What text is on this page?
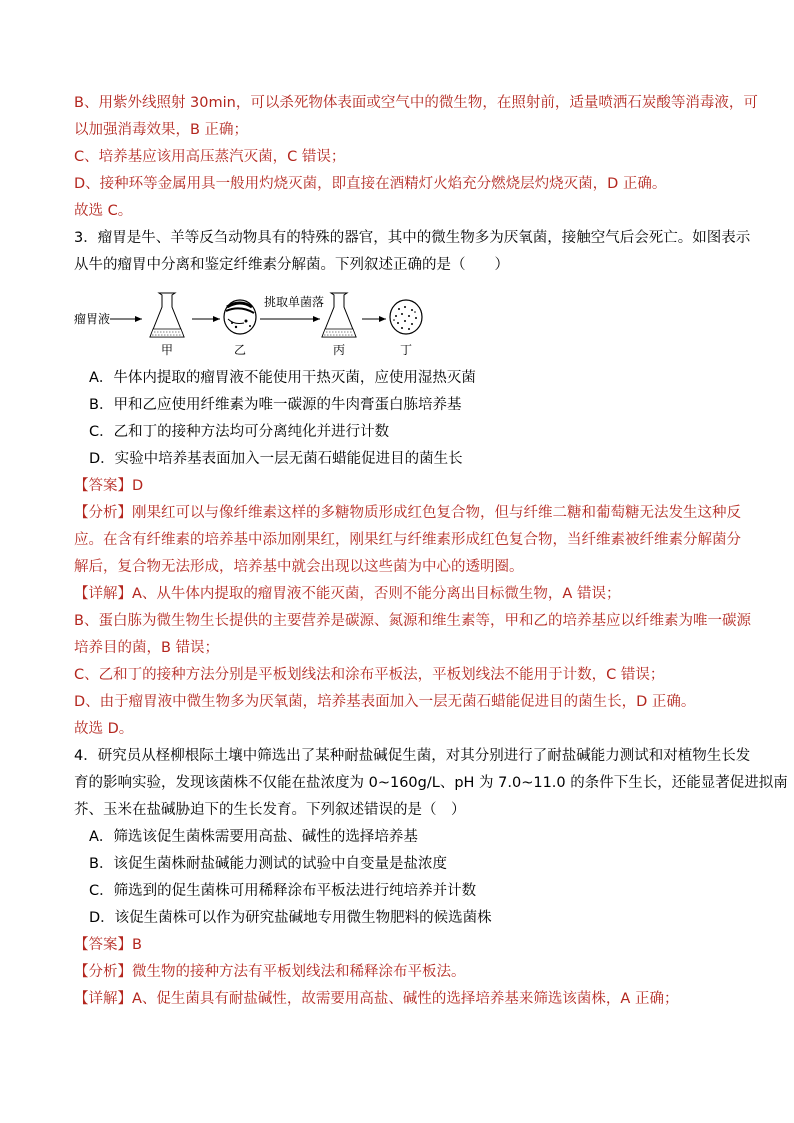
B、用紫外线照射 30min，可以杀死物体表面或空气中的微生物，在照射前，适量喷洒石炭酸等消毒液，可
以加强消毒效果，B 正确；
C、培养基应该用高压蒸汽灭菌，C 错误；
D、接种环等金属用具一般用灼烧灭菌，即直接在酒精灯火焰充分燃烧层灼烧灭菌，D 正确。
故选 C。
3．瘤胃是牛、羊等反刍动物具有的特殊的器官，其中的微生物多为厌氧菌，接触空气后会死亡。如图表示
从牛的瘤胃中分离和鉴定纤维素分解菌。下列叙述正确的是（　　）
瘤胃液
挑取单菌落
甲	乙	丙	丁
A．牛体内提取的瘤胃液不能使用干热灭菌，应使用湿热灭菌
B．甲和乙应使用纤维素为唯一碳源的牛肉膏蛋白胨培养基
C．乙和丁的接种方法均可分离纯化并进行计数
D．实验中培养基表面加入一层无菌石蜡能促进目的菌生长
【答案】D
【分析】刚果红可以与像纤维素这样的多糖物质形成红色复合物，但与纤维二糖和葡萄糖无法发生这种反
应。在含有纤维素的培养基中添加刚果红，刚果红与纤维素形成红色复合物，当纤维素被纤维素分解菌分
解后，复合物无法形成，培养基中就会出现以这些菌为中心的透明圈。
【详解】A、从牛体内提取的瘤胃液不能灭菌，否则不能分离出目标微生物，A 错误；
B、蛋白胨为微生物生长提供的主要营养是碳源、氮源和维生素等，甲和乙的培养基应以纤维素为唯一碳源
培养目的菌，B 错误；
C、乙和丁的接种方法分别是平板划线法和涂布平板法，平板划线法不能用于计数，C 错误；
D、由于瘤胃液中微生物多为厌氧菌，培养基表面加入一层无菌石蜡能促进目的菌生长，D 正确。
故选 D。
4．研究员从柽柳根际土壤中筛选出了某种耐盐碱促生菌，对其分别进行了耐盐碱能力测试和对植物生长发
育的影响实验，发现该菌株不仅能在盐浓度为 0~160g/L、pH 为 7.0~11.0 的条件下生长，还能显著促进拟南
芥、玉米在盐碱胁迫下的生长发育。下列叙述错误的是（　）
A．筛选该促生菌株需要用高盐、碱性的选择培养基
B．该促生菌株耐盐碱能力测试的试验中自变量是盐浓度
C．筛选到的促生菌株可用稀释涂布平板法进行纯培养并计数
D．该促生菌株可以作为研究盐碱地专用微生物肥料的候选菌株
【答案】B
【分析】微生物的接种方法有平板划线法和稀释涂布平板法。
【详解】A、促生菌具有耐盐碱性，故需要用高盐、碱性的选择培养基来筛选该菌株，A 正确；
